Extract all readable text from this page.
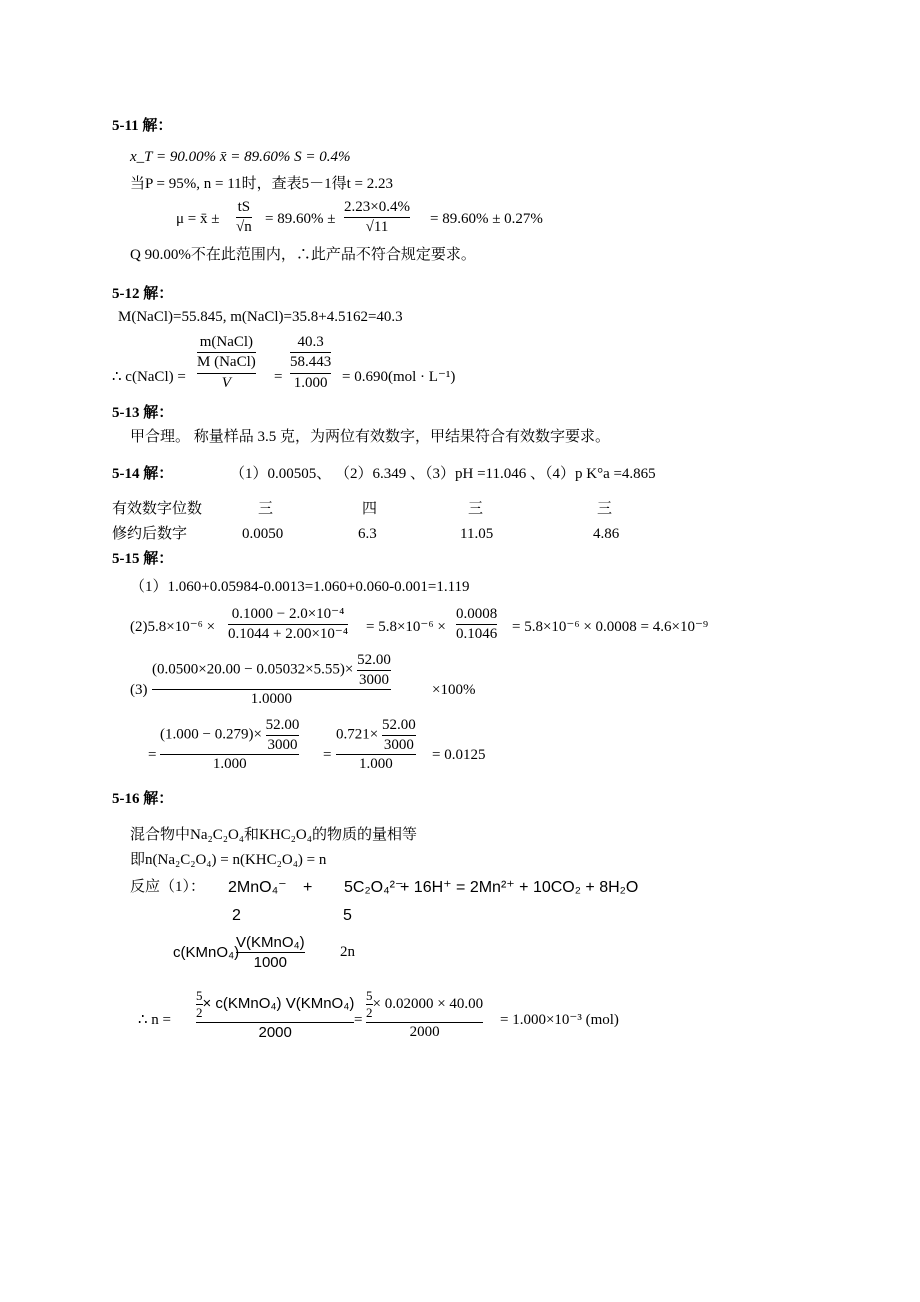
5-11 解：
x_T = 90.00% x̄ = 89.60% S = 0.4%
当P = 95%, n = 11时，查表5－1得t = 2.23
μ = x̄ ±
tS
√n
= 89.60% ±
2.23×0.4%
√11
= 89.60% ± 0.27%
Q 90.00%不在此范围内，∴此产品不符合规定要求。
5-12 解：
M(NaCl)=55.845, m(NaCl)=35.8+4.5162=40.3
∴ c(NaCl) =
m(NaCl)
M (NaCl)
V	=
40.3
58.443
1.000 = 0.690(mol · L⁻¹)
5-13 解：
甲合理。 称量样品 3.5 克，为两位有效数字，甲结果符合有效数字要求。
5-14 解：	（1）0.00505、 （2）6.349 、（3）pH =11.046 、（4）p K°a =4.865
有效数字位数	三	四	三	三
修约后数字	0.0050	6.3	11.05	4.86
5-15 解：
（1）1.060+0.05984-0.0013=1.060+0.060-0.001=1.119
(2)5.8×10⁻⁶ ×
0.1000 − 2.0×10⁻⁴
0.1044 + 2.00×10⁻⁴ = 5.8×10⁻⁶ ×
0.0008
0.1046 = 5.8×10⁻⁶ × 0.0008 = 4.6×10⁻⁹
(3)
$(0.0500\times 20.00 - 0.05032\times 5.55)\times \frac{52.00}{3000}$
1.0000
×100%
=
$(1.000 - 0.279)\times \frac{52.00}{3000}$
1.000
=
$0.721\times \frac{52.00}{3000}$
1.000
= 0.0125
5-16 解：
混合物中Na₂C₂O₄和KHC₂O₄的物质的量相等
即n(Na₂C₂O₄) = n(KHC₂O₄) = n
反应（1）： 2MnO₄⁻ + 5C₂O₄²⁻
+ 16H⁺ = 2Mn²⁺ + 10CO₂ + 8H₂O
2	5
c(KMnO₄)
V(KMnO₄)
1000
2n
∴ $n = \frac{5}{2}$ × c(KMnO₄) V(KMnO₄)
2000
= $\frac{5}{2} \times 0.02000 \times 40.00$
2000
= 1.000×10⁻³ (mol)
